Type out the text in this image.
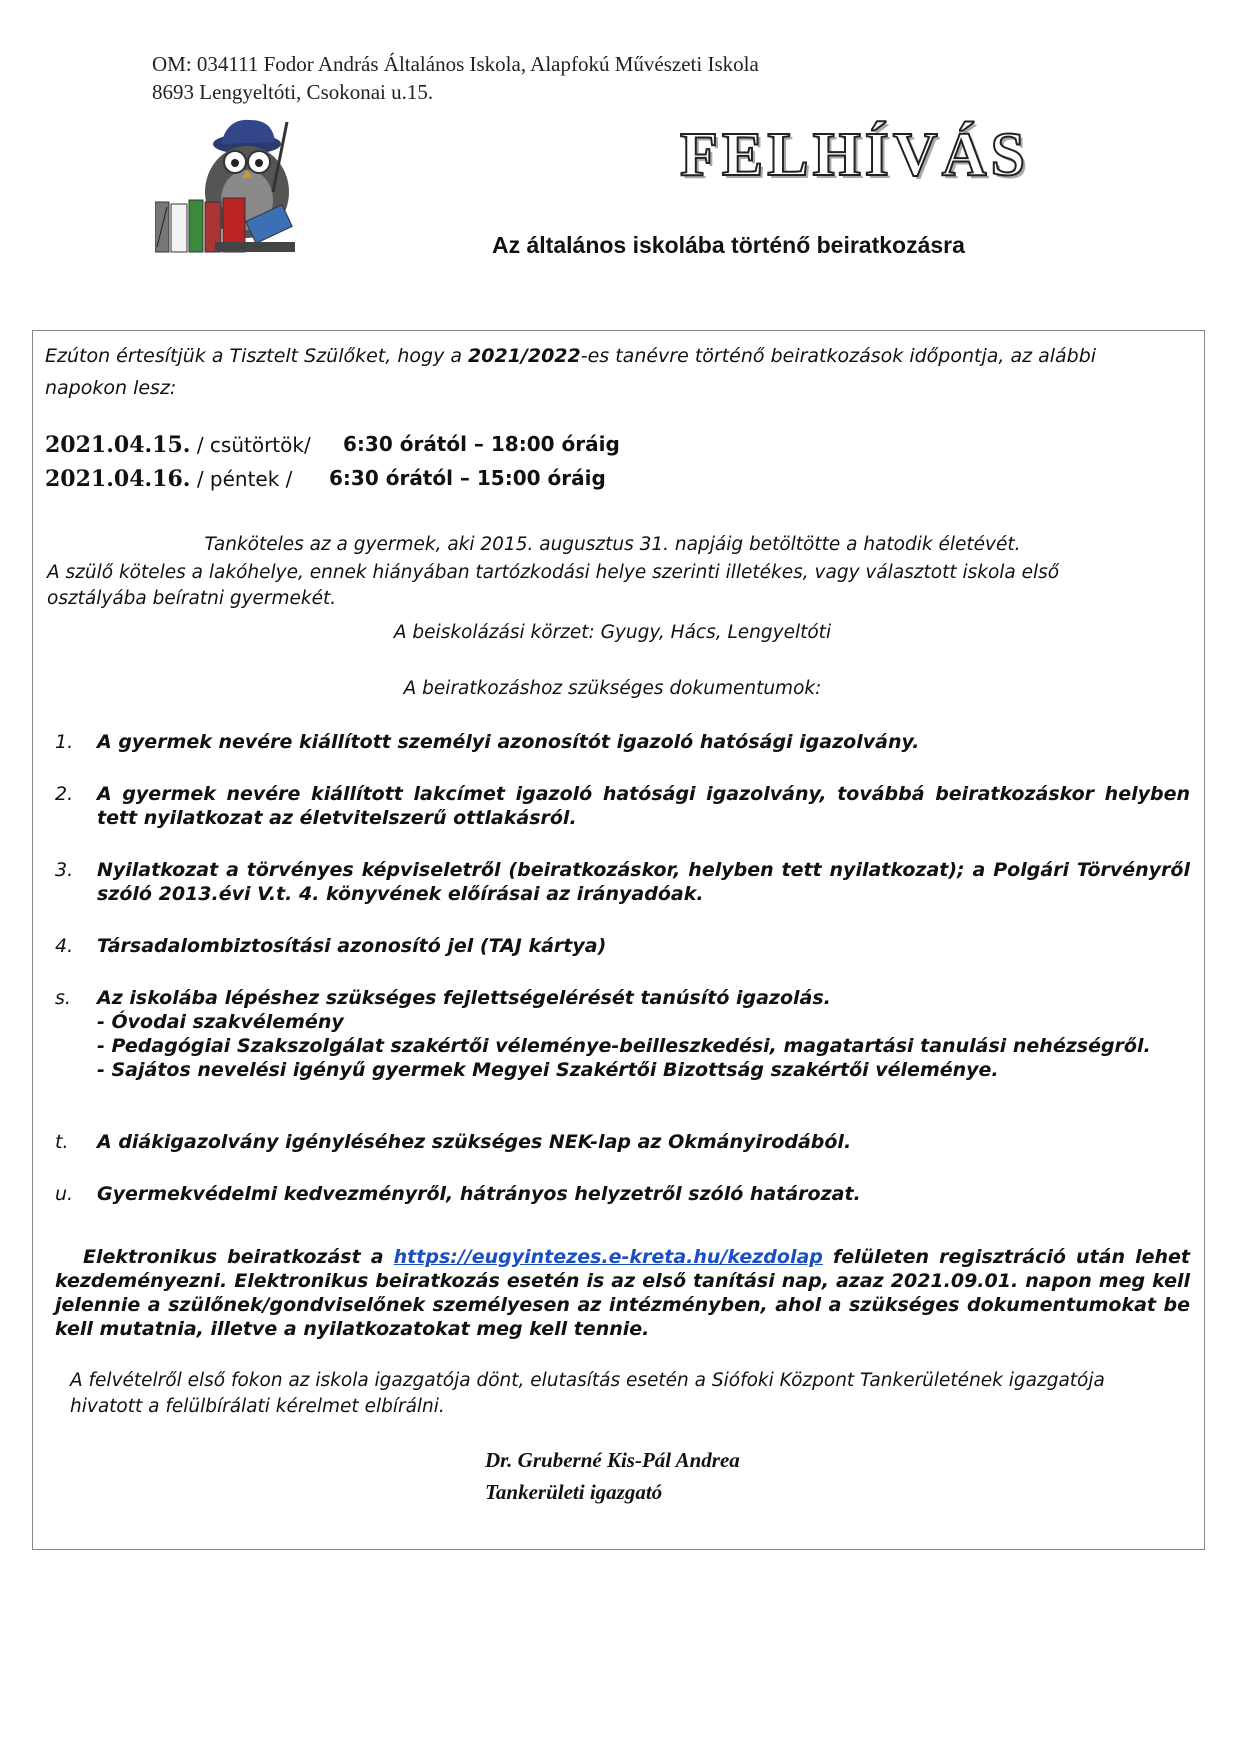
OM: 034111 Fodor András Általános Iskola, Alapfokú Művészeti Iskola
8693 Lengyeltóti, Csokonai u.15.
FELHÍVÁS
Az általános iskolába történő beiratkozásra
Ezúton értesítjük a Tisztelt Szülőket, hogy a 2021/2022-es tanévre történő beiratkozások időpontja, az alábbi napokon lesz:
2021.04.15. / csütörtök/ 6:30 órától – 18:00 óráig
2021.04.16. / péntek / 6:30 órától – 15:00 óráig
Tanköteles az a gyermek, aki 2015. augusztus 31. napjáig betöltötte a hatodik életévét.
A szülő köteles a lakóhelye, ennek hiányában tartózkodási helye szerinti illetékes, vagy választott iskola első osztályába beíratni gyermekét.
A beiskolázási körzet: Gyugy, Hács, Lengyeltóti
A beiratkozáshoz szükséges dokumentumok:
1.	A gyermek nevére kiállított személyi azonosítót igazoló hatósági igazolvány.
2.	A gyermek nevére kiállított lakcímet igazoló hatósági igazolvány, továbbá beiratkozáskor helyben tett nyilatkozat az életvitelszerű ottlakásról.
3.	Nyilatkozat a törvényes képviseletről (beiratkozáskor, helyben tett nyilatkozat); a Polgári Törvényről szóló 2013.évi V.t. 4. könyvének előírásai az irányadóak.
4.	Társadalombiztosítási azonosító jel (TAJ kártya)
s.	Az iskolába lépéshez szükséges fejlettségelérését tanúsító igazolás.
- Óvodai szakvélemény
- Pedagógiai Szakszolgálat szakértői véleménye-beilleszkedési, magatartási tanulási nehézségről.
- Sajátos nevelési igényű gyermek Megyei Szakértői Bizottság szakértői véleménye.
t.	A diákigazolvány igényléséhez szükséges NEK-lap az Okmányirodából.
u.	Gyermekvédelmi kedvezményről, hátrányos helyzetről szóló határozat.
Elektronikus beiratkozást a https://eugyintezes.e-kreta.hu/kezdolap felületen regisztráció után lehet kezdeményezni. Elektronikus beiratkozás esetén is az első tanítási nap, azaz 2021.09.01. napon meg kell jelennie a szülőnek/gondviselőnek személyesen az intézményben, ahol a szükséges dokumentumokat be kell mutatnia, illetve a nyilatkozatokat meg kell tennie.
A felvételről első fokon az iskola igazgatója dönt, elutasítás esetén a Siófoki Központ Tankerületének igazgatója hivatott a felülbírálati kérelmet elbírálni.
Dr. Gruberné Kis-Pál Andrea
Tankerületi igazgató
